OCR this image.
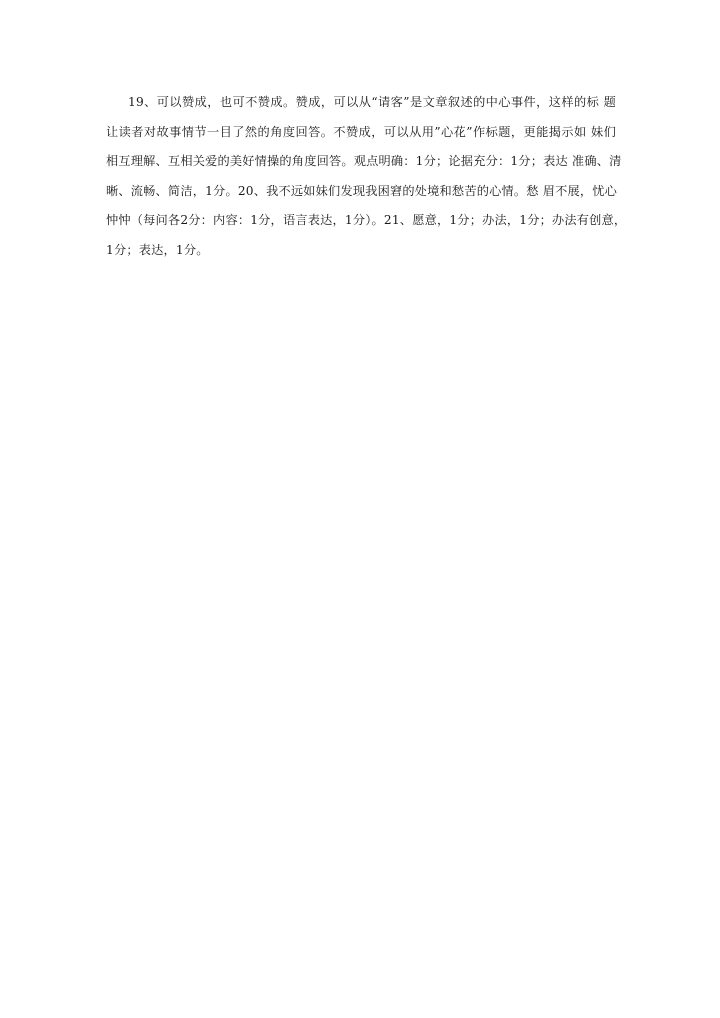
19、可以赞成，也可不赞成。赞成，可以从“请客”是文章叙述的中心事件，这样的标 题
让读者对故事情节一目了然的角度回答。不赞成，可以从用”心花”作标题，更能揭示如 妹们
相互理解、互相关爱的美好情操的角度回答。观点明确：1分；论据充分：1分；表达 准确、清
晰、流畅、简洁，1分。20、我不远如妹们发现我困窘的处境和愁苦的心情。愁 眉不展，忧心
忡忡（每问各2分：内容：1分，语言表达，1分）。21、愿意，1分；办法，1分；办法有创意，
1分；表达，1分。
